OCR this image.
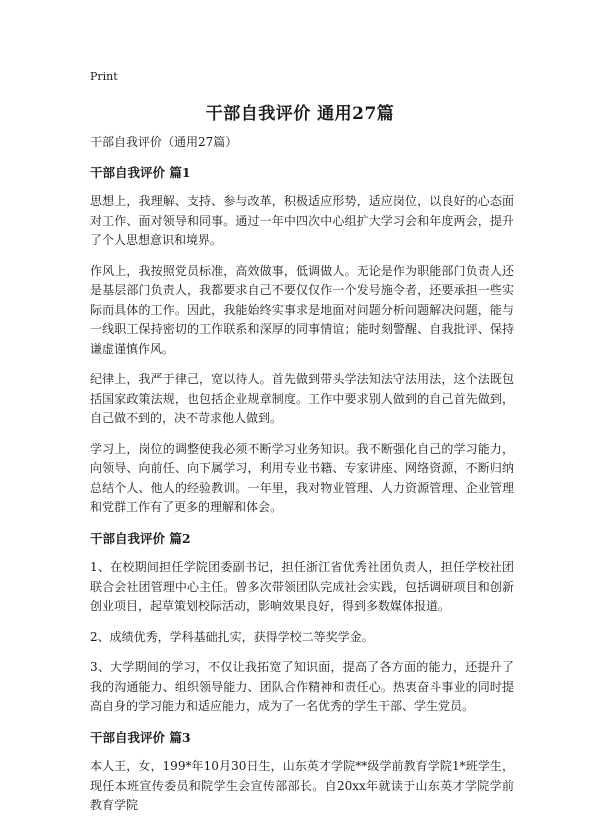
Print
干部自我评价 通用27篇
干部自我评价（通用27篇）
干部自我评价 篇1

思想上，我理解、支持、参与改革，积极适应形势，适应岗位，以良好的心态面对工作、面对领导和同事。通过一年中四次中心组扩大学习会和年度两会，提升了个人思想意识和境界。

作风上，我按照党员标准，高效做事，低调做人。无论是作为职能部门负责人还是基层部门负责人，我都要求自己不要仅仅作一个发号施令者，还要承担一些实际而具体的工作。因此，我能始终实事求是地面对问题分析问题解决问题，能与一线职工保持密切的工作联系和深厚的同事情谊；能时刻警醒、自我批评、保持谦虚谨慎作风。

纪律上，我严于律己，宽以待人。首先做到带头学法知法守法用法，这个法既包括国家政策法规，也包括企业规章制度。工作中要求别人做到的自己首先做到，自己做不到的，决不苛求他人做到。

学习上，岗位的调整使我必须不断学习业务知识。我不断强化自己的学习能力，向领导、向前任、向下属学习，利用专业书籍、专家讲座、网络资源，不断归纳总结个人、他人的经验教训。一年里，我对物业管理、人力资源管理、企业管理和党群工作有了更多的理解和体会。

干部自我评价 篇2

1、在校期间担任学院团委副书记，担任浙江省优秀社团负责人，担任学校社团联合会社团管理中心主任。曾多次带领团队完成社会实践，包括调研项目和创新创业项目，起草策划校际活动，影响效果良好，得到多数媒体报道。

2、成绩优秀，学科基础扎实，获得学校二等奖学金。

3、大学期间的学习，不仅让我拓宽了知识面，提高了各方面的能力，还提升了我的沟通能力、组织领导能力、团队合作精神和责任心。热衷奋斗事业的同时提高自身的学习能力和适应能力，成为了一名优秀的学生干部、学生党员。

干部自我评价 篇3

本人王，女，199*年10月30日生，山东英才学院**级学前教育学院1*班学生，现任本班宣传委员和院学生会宣传部部长。自20xx年就读于山东英才学院学前教育学院
